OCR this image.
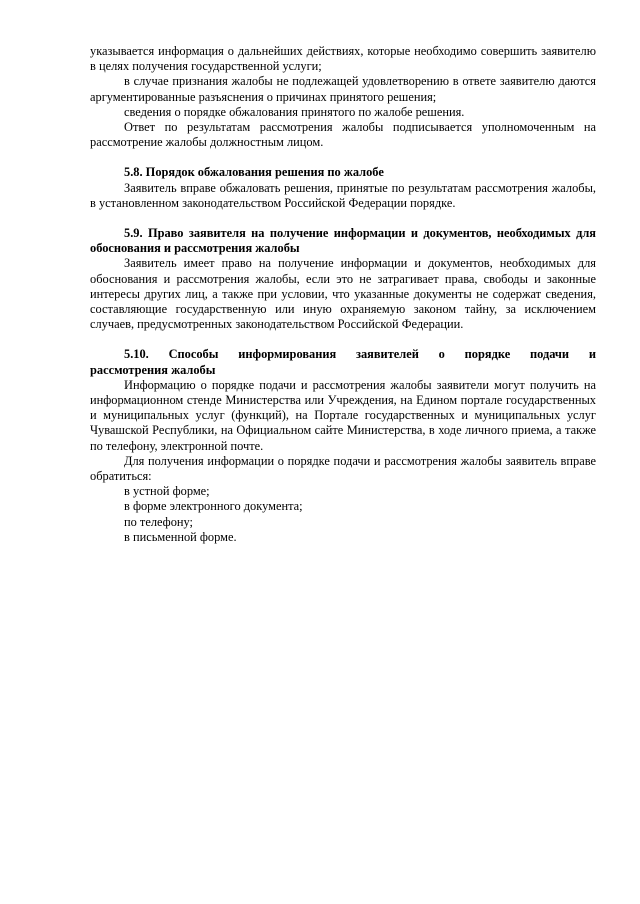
указывается информация о дальнейших действиях, которые необходимо совершить заявителю в целях получения государственной услуги;

в случае признания жалобы не подлежащей удовлетворению в ответе заявителю даются аргументированные разъяснения о причинах принятого решения;

сведения о порядке обжалования принятого по жалобе решения.

Ответ по результатам рассмотрения жалобы подписывается уполномоченным на рассмотрение жалобы должностным лицом.

5.8. Порядок обжалования решения по жалобе

Заявитель вправе обжаловать решения, принятые по результатам рассмотрения жалобы, в установленном законодательством Российской Федерации порядке.

5.9. Право заявителя на получение информации и документов, необходимых для обоснования и рассмотрения жалобы

Заявитель имеет право на получение информации и документов, необходимых для обоснования и рассмотрения жалобы, если это не затрагивает права, свободы и законные интересы других лиц, а также при условии, что указанные документы не содержат сведения, составляющие государственную или иную охраняемую законом тайну, за исключением случаев, предусмотренных законодательством Российской Федерации.

5.10. Способы информирования заявителей о порядке подачи и

рассмотрения жалобы

Информацию о порядке подачи и рассмотрения жалобы заявители могут получить на информационном стенде Министерства или Учреждения, на Едином портале государственных и муниципальных услуг (функций), на Портале государственных и муниципальных услуг Чувашской Республики, на Официальном сайте Министерства, в ходе личного приема, а также по телефону, электронной почте.

Для получения информации о порядке подачи и рассмотрения жалобы заявитель вправе обратиться:

в устной форме;

в форме электронного документа;

по телефону;

в письменной форме.
